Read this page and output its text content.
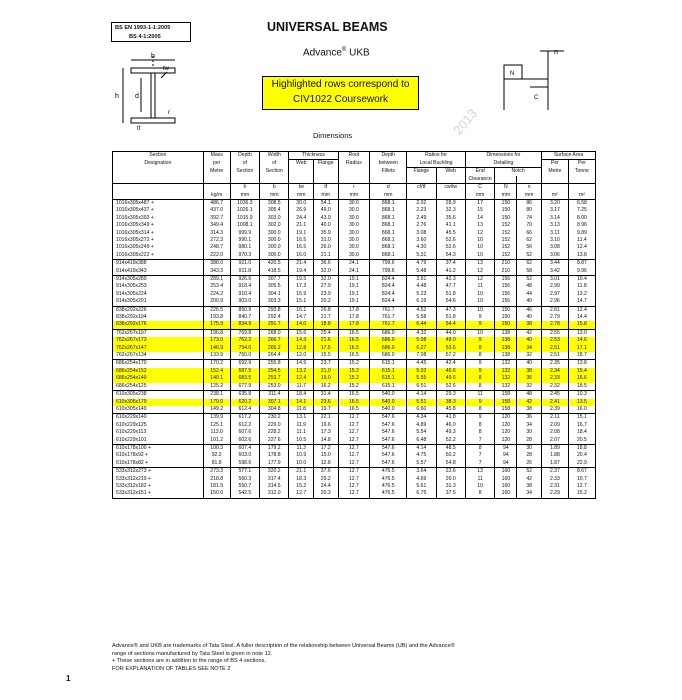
BS EN 1993-1-1:2005
BS 4-1:2005
UNIVERSAL BEAMS
Advance® UKB
Highlighted rows correspond to
CIV1022 Coursework
b
tw
h d
tf
r
n
N
C
Dimensions	2013
Section	Mass	Depth	Width	Thickness		Root	Depth	Ratios for		Dimensions for			Surface Area	
Designation	per	of	of	Web	Flange	Radius	between	Local Buckling		Detailing			Per	Per
	Metre	Section	Section				Fillets	Flange	Web	End	Notch		Metre	Tonne
										Clearance				
		h	b	tw	tf	r	d	cf/tf	cw/tw	C	N	n		
	kg/m	mm	mm	mm	mm	mm	mm			mm	mm	mm	m²	m²
1016x305x487 +	486.7	1036.3	308.5	30.0	54.1	30.0	868.1	2.02	28.9	17	150	86	3.20	6.58
1016x305x437 +	437.0	1026.1	305.4	26.9	49.0	30.0	868.1	2.23	32.3	15	150	80	3.17	7.25
1016x305x393 +	392.7	1015.9	303.0	24.4	43.9	30.0	868.1	2.49	35.6	14	150	74	3.14	8.00
1016x305x349 +	349.4	1008.1	302.0	21.1	40.0	30.0	868.1	2.76	41.1	13	152	70	3.13	8.96
1016x305x314 +	314.3	999.9	300.0	19.1	35.9	30.0	868.1	3.08	45.5	12	152	66	3.11	9.89
1016x305x272 +	272.3	990.1	300.0	16.5	31.0	30.0	868.1	3.60	52.6	10	152	62	3.10	11.4
1016x305x249 +	248.7	980.1	300.0	16.5	26.0	30.0	868.1	4.30	52.6	10	152	56	3.08	12.4
1016x305x222 +	222.0	970.3	300.0	16.0	21.1	30.0	868.1	5.31	54.3	10	152	52	3.06	13.8
914x419x388	388.0	921.0	420.5	21.4	36.6	24.1	799.6	4.79	37.4	13	210	62	3.44	8.87
914x419x343	343.3	911.8	418.5	19.4	32.0	24.1	799.6	5.48	41.2	12	210	58	3.42	9.96
914x305x289	289.1	926.6	307.7	19.5	32.0	19.1	824.4	3.91	42.3	12	156	52	3.01	10.4
914x305x253	253.4	918.4	305.5	17.3	27.9	19.1	824.4	4.48	47.7	11	156	48	2.99	11.8
914x305x224	224.2	910.4	304.1	15.9	23.9	19.1	824.4	5.23	51.8	10	156	44	2.97	13.2
914x305x201	200.9	903.0	303.3	15.1	20.2	19.1	824.4	6.19	54.6	10	156	40	2.96	14.7
838x292x226	226.5	850.9	293.8	16.1	26.8	17.8	761.7	4.52	47.3	10	150	46	2.81	12.4
838x292x194	193.8	840.7	292.4	14.7	21.7	17.8	761.7	5.58	51.8	9	150	40	2.79	14.4
838x292x176	175.9	834.9	291.7	14.0	18.8	17.8	761.7	6.44	54.4	9	150	38	2.78	15.8
762x267x197	196.8	769.8	268.0	15.6	25.4	16.5	686.0	4.32	44.0	10	138	42	2.55	13.0
762x267x173	173.0	762.2	266.7	14.3	21.6	16.5	686.0	5.08	48.0	9	138	40	2.53	14.6
762x267x147	146.9	754.0	265.2	12.8	17.5	16.5	686.0	6.27	53.6	8	138	34	2.51	17.1
762x267x134	133.9	750.0	264.4	12.0	15.5	16.5	686.0	7.08	57.2	8	138	32	2.51	18.7
686x254x170	170.2	692.9	255.8	14.5	23.7	15.2	615.1	4.45	42.4	9	132	40	2.35	13.8
686x254x152	152.4	687.5	254.5	13.2	21.0	15.2	615.1	5.02	46.6	9	132	38	2.34	15.4
686x254x140	140.1	683.5	253.7	12.4	19.0	15.2	615.1	5.55	49.6	8	132	36	2.33	16.6
686x254x125	125.2	677.9	253.0	11.7	16.2	15.2	615.1	6.51	52.6	8	132	32	2.32	18.5
610x305x238	238.1	635.8	311.4	18.4	31.4	16.5	540.0	4.14	29.3	11	158	48	2.45	10.3
610x305x179	179.0	620.2	307.1	14.1	23.6	16.5	540.0	5.51	38.3	9	158	42	2.41	13.5
610x305x149	149.2	612.4	304.8	11.8	19.7	16.5	540.0	6.60	45.8	8	158	38	2.39	16.0
610x229x140	139.9	617.2	230.2	13.1	22.1	12.7	547.6	4.34	41.8	9	120	36	2.11	15.1
610x229x125	125.1	612.2	229.0	11.9	19.6	12.7	547.6	4.89	46.0	8	120	34	2.09	16.7
610x229x113	113.0	607.6	228.2	11.1	17.3	12.7	547.6	5.54	49.3	8	120	30	2.08	18.4
610x229x101	101.2	602.6	227.6	10.5	14.8	12.7	547.6	6.48	52.2	7	120	28	2.07	20.5
610x178x100 +	100.3	607.4	179.2	11.3	17.2	12.7	547.6	4.14	48.5	8	94	30	1.89	18.8
610x178x92 +	92.2	603.0	178.8	10.9	15.0	12.7	547.6	4.75	50.2	7	94	28	1.88	20.4
610x178x82 +	81.8	598.6	177.9	10.0	12.8	12.7	547.6	5.57	54.8	7	94	26	1.87	22.9
533x312x273 +	273.3	577.1	320.2	21.1	37.6	12.7	476.5	3.64	22.6	13	160	52	2.37	8.67
533x312x219 +	218.8	560.3	317.4	18.3	29.2	12.7	476.5	4.69	26.0	11	160	42	2.33	10.7
533x312x182 +	181.5	550.7	314.5	15.2	24.4	12.7	476.5	5.61	31.3	10	160	38	2.31	12.7
533x312x151 +	150.6	542.5	312.0	12.7	20.3	12.7	476.5	6.75	37.5	8	160	34	2.29	15.2
Advance® and UKB are trademarks of Tata Steel. A fuller description of the relationship between Universal Beams (UB) and the Advance®
range of sections manufactured by Tata Steel is given in note 12.
+ These sections are in addition to the range of BS 4 sections.
FOR EXPLANATION OF TABLES SEE NOTE 2
1
